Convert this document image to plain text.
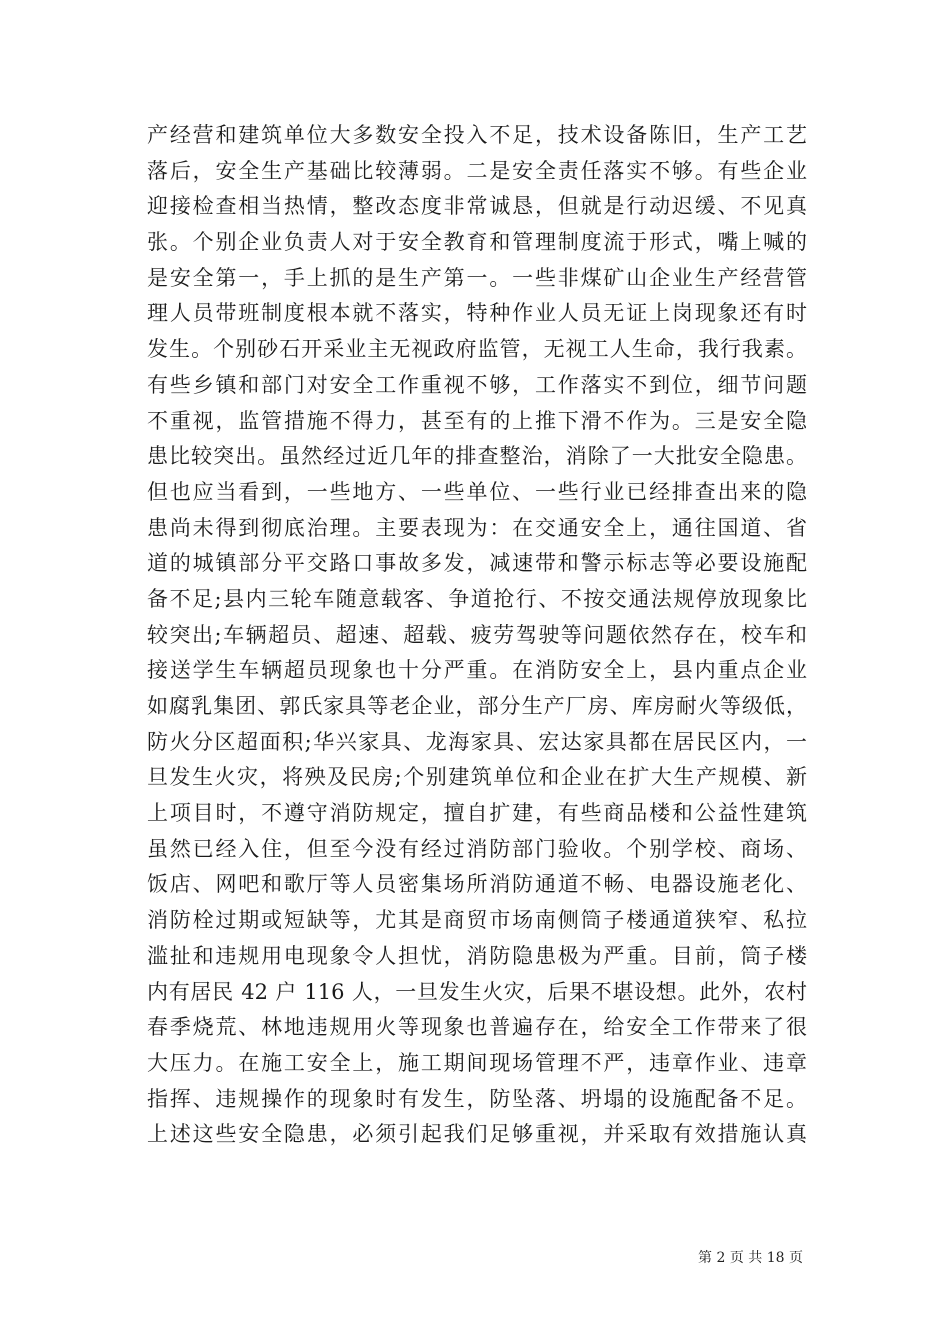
产经营和建筑单位大多数安全投入不足，技术设备陈旧，生产工艺
落后，安全生产基础比较薄弱。二是安全责任落实不够。有些企业
迎接检查相当热情，整改态度非常诚恳，但就是行动迟缓、不见真
张。个别企业负责人对于安全教育和管理制度流于形式，嘴上喊的
是安全第一，手上抓的是生产第一。一些非煤矿山企业生产经营管
理人员带班制度根本就不落实，特种作业人员无证上岗现象还有时
发生。个别砂石开采业主无视政府监管，无视工人生命，我行我素。
有些乡镇和部门对安全工作重视不够，工作落实不到位，细节问题
不重视，监管措施不得力，甚至有的上推下滑不作为。三是安全隐
患比较突出。虽然经过近几年的排查整治，消除了一大批安全隐患。
但也应当看到，一些地方、一些单位、一些行业已经排查出来的隐
患尚未得到彻底治理。主要表现为：在交通安全上，通往国道、省
道的城镇部分平交路口事故多发，减速带和警示标志等必要设施配
备不足;县内三轮车随意载客、争道抢行、不按交通法规停放现象比
较突出;车辆超员、超速、超载、疲劳驾驶等问题依然存在，校车和
接送学生车辆超员现象也十分严重。在消防安全上，县内重点企业
如腐乳集团、郭氏家具等老企业，部分生产厂房、库房耐火等级低，
防火分区超面积;华兴家具、龙海家具、宏达家具都在居民区内，一
旦发生火灾，将殃及民房;个别建筑单位和企业在扩大生产规模、新
上项目时，不遵守消防规定，擅自扩建，有些商品楼和公益性建筑
虽然已经入住，但至今没有经过消防部门验收。个别学校、商场、
饭店、网吧和歌厅等人员密集场所消防通道不畅、电器设施老化、
消防栓过期或短缺等，尤其是商贸市场南侧筒子楼通道狭窄、私拉
滥扯和违规用电现象令人担忧，消防隐患极为严重。目前，筒子楼
内有居民 42 户 116 人，一旦发生火灾，后果不堪设想。此外，农村
春季烧荒、林地违规用火等现象也普遍存在，给安全工作带来了很
大压力。在施工安全上，施工期间现场管理不严，违章作业、违章
指挥、违规操作的现象时有发生，防坠落、坍塌的设施配备不足。
上述这些安全隐患，必须引起我们足够重视，并采取有效措施认真
第 2 页 共 18 页
